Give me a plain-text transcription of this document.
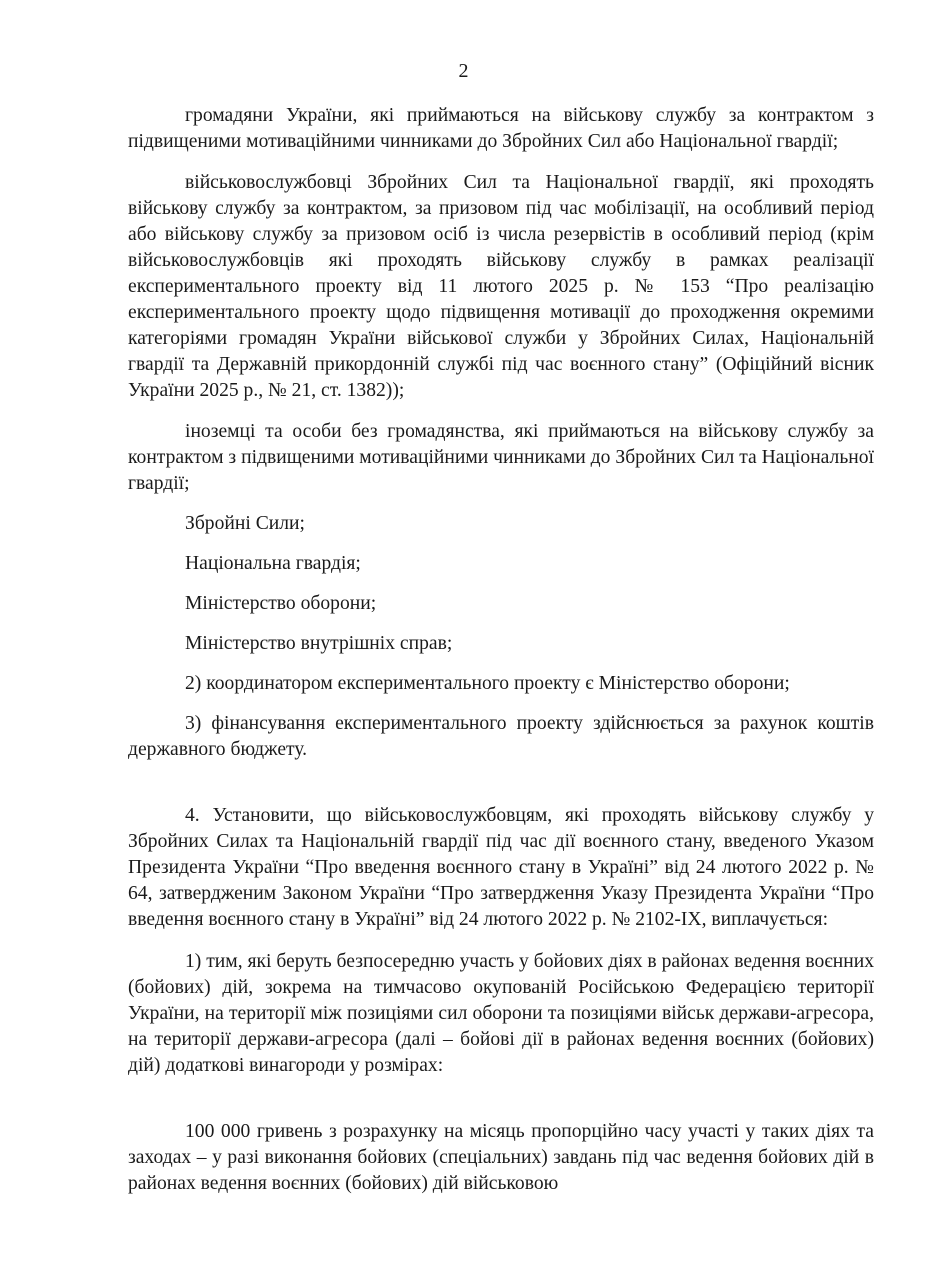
2

громадяни України, які приймаються на військову службу за контрактом з підвищеними мотиваційними чинниками до Збройних Сил або Національної гвардії;

військовослужбовці Збройних Сил та Національної гвардії, які проходять військову службу за контрактом, за призовом під час мобілізації, на особливий період або військову службу за призовом осіб із числа резервістів в особливий період (крім військовослужбовців які проходять військову службу в рамках реалізації експериментального проекту від 11 лютого 2025 р. № 153 “Про реалізацію експериментального проекту щодо підвищення мотивації до проходження окремими категоріями громадян України військової служби у Збройних Силах, Національній гвардії та Державній прикордонній службі під час воєнного стану” (Офіційний вісник України 2025 р., № 21, ст. 1382));

іноземці та особи без громадянства, які приймаються на військову службу за контрактом з підвищеними мотиваційними чинниками до Збройних Сил та Національної гвардії;

Збройні Сили;

Національна гвардія;

Міністерство оборони;

Міністерство внутрішніх справ;

2) координатором експериментального проекту є Міністерство оборони;

3) фінансування експериментального проекту здійснюється за рахунок коштів державного бюджету.

4. Установити, що військовослужбовцям, які проходять військову службу у Збройних Силах та Національній гвардії під час дії воєнного стану, введеного Указом Президента України “Про введення воєнного стану в Україні” від 24 лютого 2022 р. № 64, затвердженим Законом України “Про затвердження Указу Президента України “Про введення воєнного стану в Україні” від 24 лютого 2022 р. № 2102-IX, виплачується:

1) тим, які беруть безпосередню участь у бойових діях в районах ведення воєнних (бойових) дій, зокрема на тимчасово окупованій Російською Федерацією території України, на території між позиціями сил оборони та позиціями військ держави-агресора, на території держави-агресора (далі – бойові дії в районах ведення воєнних (бойових) дій) додаткові винагороди у розмірах:

100 000 гривень з розрахунку на місяць пропорційно часу участі у таких діях та заходах – у разі виконання бойових (спеціальних) завдань під час ведення бойових дій в районах ведення воєнних (бойових) дій військовою
